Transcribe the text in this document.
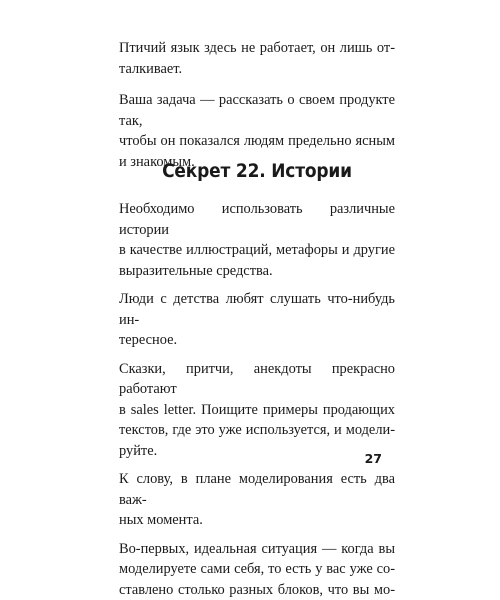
Птичий язык здесь не работает, он лишь от-
талкивает.
Ваша задача — рассказать о своем продукте так,
чтобы он показался людям предельно ясным
и знакомым.
Секрет 22. Истории
Необходимо использовать различные истории
в качестве иллюстраций, метафоры и другие
выразительные средства.
Люди с детства любят слушать что-нибудь ин-
тересное.
Сказки, притчи, анекдоты прекрасно работают
в sales letter. Поищите примеры продающих
текстов, где это уже используется, и модели-
руйте.
К слову, в плане моделирования есть два важ-
ных момента.
Во-первых, идеальная ситуация — когда вы
моделируете сами себя, то есть у вас уже со-
ставлено столько разных блоков, что вы мо-
27
